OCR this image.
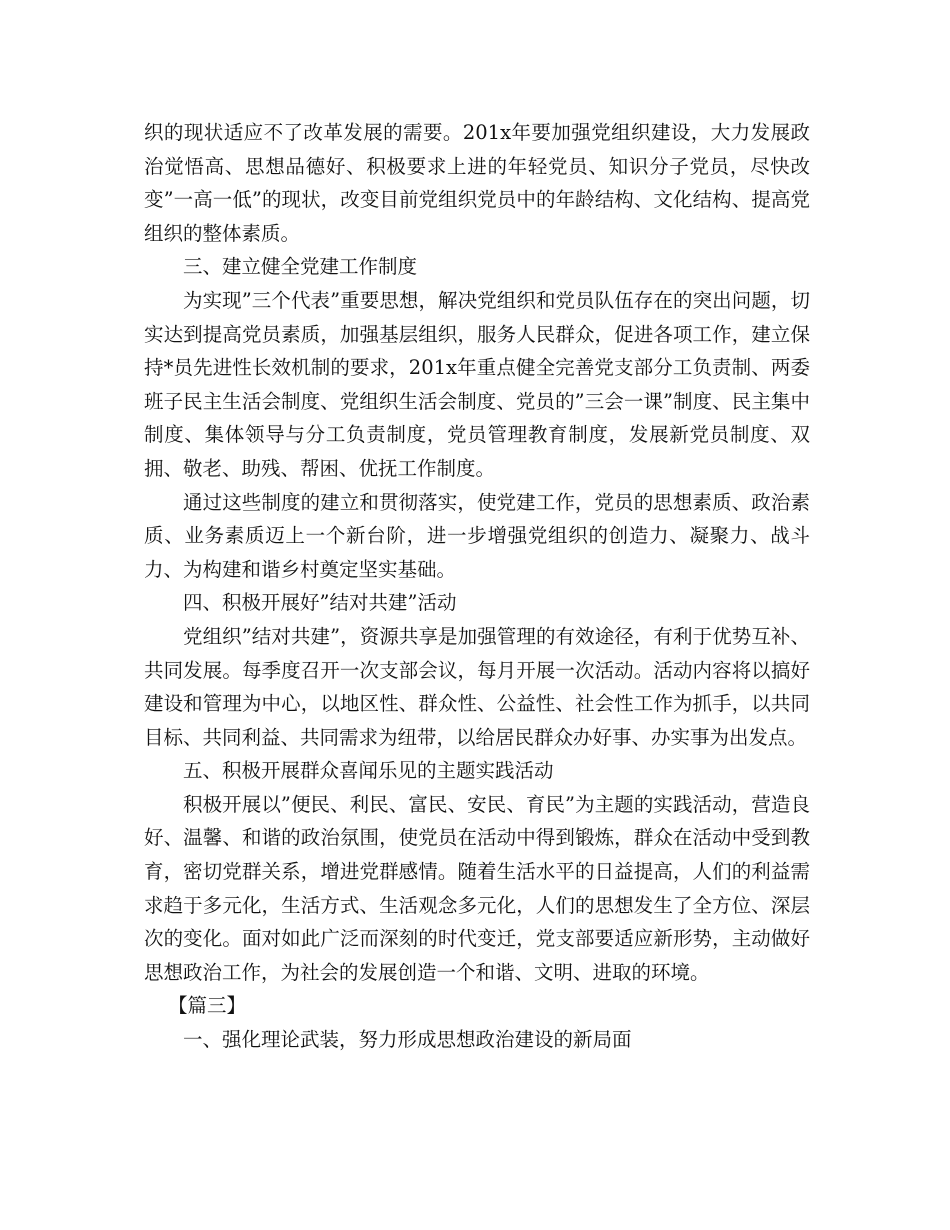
织的现状适应不了改革发展的需要。201x年要加强党组织建设，大力发展政治觉悟高、思想品德好、积极要求上进的年轻党员、知识分子党员，尽快改变”一高一低”的现状，改变目前党组织党员中的年龄结构、文化结构、提高党组织的整体素质。

三、建立健全党建工作制度

为实现”三个代表”重要思想，解决党组织和党员队伍存在的突出问题，切实达到提高党员素质，加强基层组织，服务人民群众，促进各项工作，建立保持*员先进性长效机制的要求，201x年重点健全完善党支部分工负责制、两委班子民主生活会制度、党组织生活会制度、党员的”三会一课”制度、民主集中制度、集体领导与分工负责制度，党员管理教育制度，发展新党员制度、双拥、敬老、助残、帮困、优抚工作制度。

通过这些制度的建立和贯彻落实，使党建工作，党员的思想素质、政治素质、业务素质迈上一个新台阶，进一步增强党组织的创造力、凝聚力、战斗力、为构建和谐乡村奠定坚实基础。

四、积极开展好”结对共建”活动

党组织”结对共建”，资源共享是加强管理的有效途径，有利于优势互补、共同发展。每季度召开一次支部会议，每月开展一次活动。活动内容将以搞好建设和管理为中心，以地区性、群众性、公益性、社会性工作为抓手，以共同目标、共同利益、共同需求为纽带，以给居民群众办好事、办实事为出发点。

五、积极开展群众喜闻乐见的主题实践活动

积极开展以”便民、利民、富民、安民、育民”为主题的实践活动，营造良好、温馨、和谐的政治氛围，使党员在活动中得到锻炼，群众在活动中受到教育，密切党群关系，增进党群感情。随着生活水平的日益提高，人们的利益需求趋于多元化，生活方式、生活观念多元化，人们的思想发生了全方位、深层次的变化。面对如此广泛而深刻的时代变迁，党支部要适应新形势，主动做好思想政治工作，为社会的发展创造一个和谐、文明、进取的环境。

【篇三】

一、强化理论武装，努力形成思想政治建设的新局面
